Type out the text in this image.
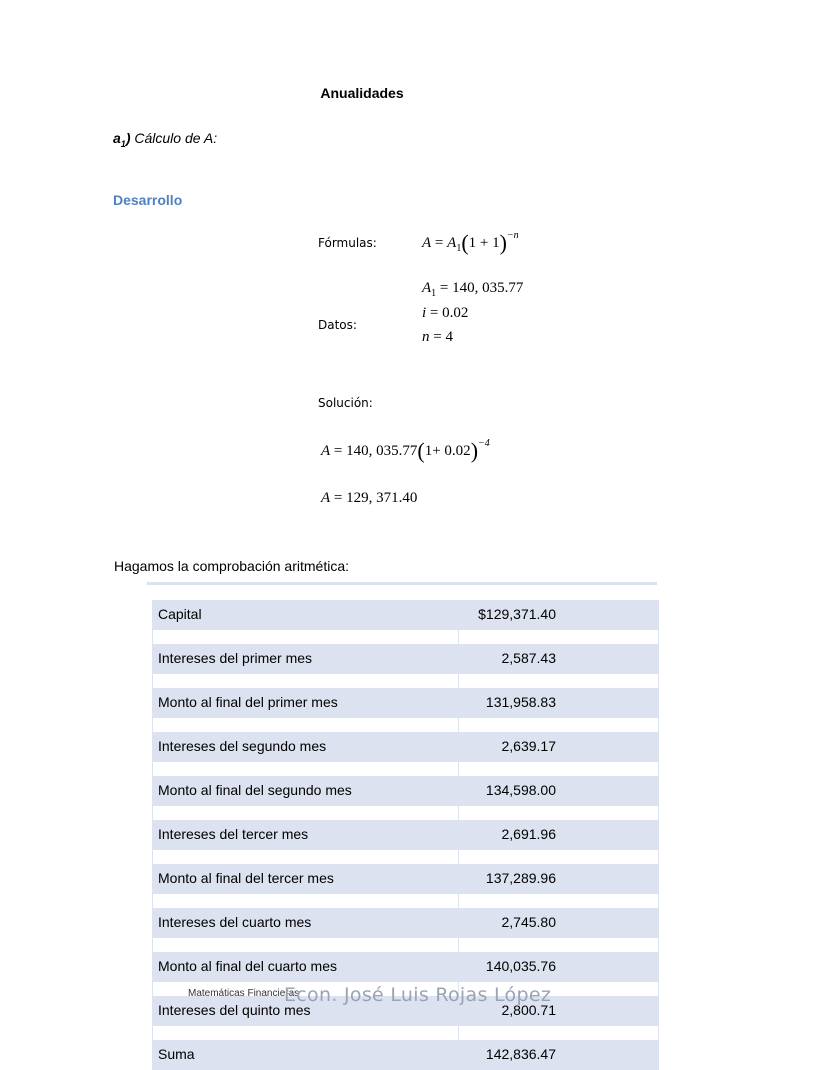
Anualidades
$a_1$) Cálculo de A:
Desarrollo
Fórmulas:	$A = A_1(1 + 1)^{-n}$
Datos:
$A_1 = 140$, 035.77
i = 0.02
n = 4
Solución:
A = 140, $035.77(1+ 0.02)^{-4}$
A = 129, 371.40
Hagamos la comprobación aritmética:
Capital	$129,371.40
Intereses del primer mes	2,587.43
Monto al final del primer mes	131,958.83
Intereses del segundo mes	2,639.17
Monto al final del segundo mes	134,598.00
Intereses del tercer mes	2,691.96
Monto al final del tercer mes	137,289.96
Intereses del cuarto mes	2,745.80
Monto al final del cuarto mes	140,035.76
Intereses del quinto mes	2,800.71
Suma	142,836.47
Matemáticas Financieras
Econ. José Luis Rojas López
